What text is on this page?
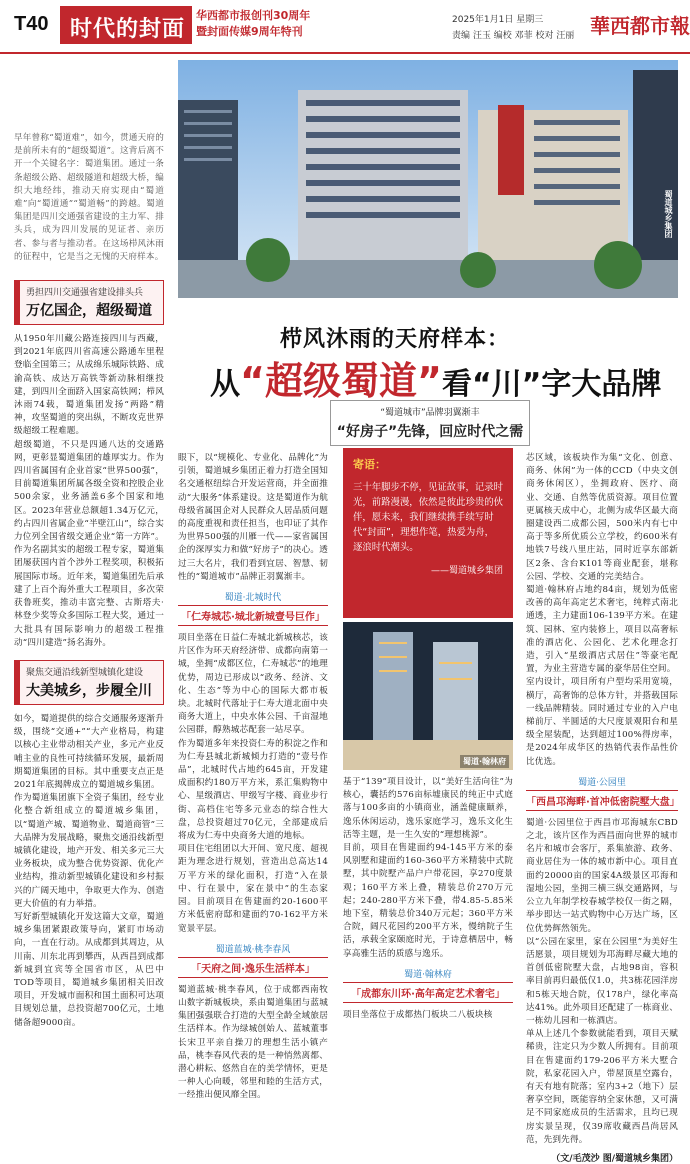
T40 时代的封面
华西都市报创刊30周年
暨封面传媒9周年特刊
2025年1月1日 星期三
责编 汪玉 编校 邓菲 校对 汪丽 華西都市報
蜀道城乡集团

早年曾称“蜀道难”，如今，贯通天府的是前所未有的“超级蜀道”。这背后离不开一个关键名字：蜀道集团。通过一条条超级公路、超级隧道和超级大桥，编织大地经纬，推动天府实现由“蜀道难”向“蜀道通”“蜀道畅”的跨越。蜀道集团是四川交通强省建设的主力军、排头兵，成为四川发展的见证者、亲历者、参与者与推动者。在这场栉风沐雨的征程中，它是当之无愧的天府样本。

勇担四川交通强省建设排头兵
万亿国企，超级蜀道

从1950年川藏公路连接四川与西藏，到2021年底四川省高速公路通车里程登临全国第三；从成绵乐城际铁路、成渝高铁、成达万高铁等新动脉相继投建，到四川全面跻入国家高铁网；栉风沐雨74载，蜀道集团发扬“两路”精神，攻坚蜀道的突出纵，不断攻克世界级超级工程难题。

超级蜀道，不只是四通八达的交通路网，更彰显蜀道集团的雄厚实力。作为四川省属国有企业首家“世界500强”，目前蜀道集团所属各级全资和控股企业500余家，业务涵盖6多个国家和地区。2023年营业总额超1.34万亿元，约占四川省属企业“半壁江山”，综合实力位列全国省级交通企业“第一方阵”。

作为名副其实的超级工程专家，蜀道集团屡获国内首个涉外工程奖项，积极拓展国际市场。近年来，蜀道集团先后承建了上百个海外重大工程项目，多次荣获鲁班奖，推动丰富完整、古斯塔夫·林登少奖等众多国际工程大奖，通过一大批具有国际影响力的超级工程推动“四川建造”扬名海外。

聚焦交通沿线新型城镇化建设
大美城乡，步履全川

如今，蜀道提供的综合交通服务逐渐升级，围绕“交通+”“大产业格局，构建以核心主业带动相关产业，多元产业反哺主业的良性可持续循环发展，最新周期蜀道集团的目标。其中重要支点正是2021年底揭牌成立的蜀道城乡集团。

作为蜀道集团旗下全资子集团，经专业化整合新组成立的蜀道城乡集团，以“蜀道产城、蜀道物业、蜀道商管”三大品牌为发展战略，聚焦交通沿线新型城镇化建设，地产开发、相关多元三大业务板块，成为整合优势资源、优化产业结构，推动新型城镇化建设和乡村振兴的广阔天地中，争取更大作为、创造更大价值的有力举措。

写好新型城镇化开发这篇大文章，蜀道城乡集团紧跟政策导向，紧盯市场动向，一直在行动。从成都到其周边，从川南、川东北再到攀西，从西昌到成都新城到宜宾等全国省市区，从巴中TOD等项目，蜀道城乡集团相关旧改项目，开发城市面积和国土面积可达项目规划总量，总投资超700亿元，土地储备超9000亩。

栉风沐雨的天府样本：
从“超级蜀道”看“川”字大品牌
“蜀道城市”品牌羽翼渐丰
“好房子”先锋，回应时代之需

眼下，以“规模化、专业化、品牌化”为引领，蜀道城乡集团正着力打造全国知名交通枢纽综合开发运营商，并全面推动“大服务”体系建设。这是蜀道作为航母级省属国企对人民群众人居品质问题的高度重视和责任担当，也印证了其作为世界500强的川雁一代——家省属国企的深厚实力和做“好房子”的决心。透过三大名片，我们看到宜居、智慧、韧性的“蜀道城市”品牌正羽翼渐丰。

蜀道·北城时代
「仁寿城芯·城北新城壹号巨作」

项目坐落在日益仁寿城北新城核芯，该片区作为环天府经济带、成都向南第一城，坐拥“成都区位，仁寿城芯”的地理优势，周边已形成以“政务、经济、文化、生态”等为中心的国际大都市板块。北城时代落址于仁寿大道北面中央商务大道上，中央水体公园、千亩湿地公园群，醇熟城芯配套一站尽享。

作为蜀道多年来投资仁寿的积淀之作和为仁寿县城北新城倾力打造的“壹号作品”，北城时代占地约645亩，开发建成面积约180万平方米，系汇集购物中心、星级酒店、甲级写字楼、商业步行街、高档住宅等多元业态的综合性大盘，总投资超过70亿元，全部建成后将成为仁寿中央商务大道的地标。

项目住宅组团以大开间、宽尺度、超视距为理念进行规划，营造出总高达14万平方米的绿化面积，打造“入在景中、行在景中，家在景中”的生态家园。目前项目在售建面约20-1600平方米低密府邸和建面约70-162平方米宽景平层。

蜀道蓝城·桃李春风
「天府之间·逸乐生活样本」

蜀道蓝城·桃李春风，位于成都西南牧山数字新城板块，系由蜀道集团与蓝城集团强强联合打造的大型全龄全域旅居生活样本。作为绿城创始人、蓝城董事长宋卫平亲自操刀的理想生活小镇产品，桃李春风代表的是一种悄然离都、潜心耕耘、悠然自在的美学情怀，更是一种人心向暖，邻里和睦的生活方式，一经推出便风靡全国。

寄语：
三十年脚步不停，见证故事，记录时光，前路漫漫，依然是彼此珍贵的伙伴，愿未来，我们继续携手续写时代“封面”，理想作笔，热爱为舟，逐浪时代潮头。
——蜀道城乡集团
蜀道·翰林府

基于“139”项目设计，以“美好生活向往”为核心，囊括约576亩标墟康民的纯正中式庭落与100多亩的小镇商业，涵盖健康颐养，逸乐休闲运动，逸乐家庭学习，逸乐文化生活等主题，是一生久安的“理想桃源”。

目前，项目在售建面约94-145平方米的泰风别墅和建面约160-360平方米精装中式院墅，其中院墅产品户户带花园，享270度景观；160平方米上叠，精装总价270万元起；240-280平方米下叠，带4.85-5.85米地下室，精装总价340万元起；360平方米合院，阔尺花园约200平方米，慢纳院子生活，承载全家颐庭时光，于诗意栖居中，畅享高雅生活的质感与逸乐。

蜀道·翰林府
「成都东川环·高年高定艺术奢宅」

项目坐落位于成都热门板块二八板块核

芯区域，该板块作为集“文化、创意、商务、休闲”为一体的CCD（中央文创商务休闲区），坐拥政府、医疗、商业、交通、自然等优质资源。项目位置更属核天成中心，北侧为成华区最大商圈建设西二成都公园，500米内有七中高于等多所优质公立学校，约600米有地铁7号线八里庄站，同时近享东部新区2条、含台K101等商业配套，堪称公园、学校、交通的完美结合。

蜀道·翰林府占地约84亩，规划为低密改善的高年高定艺术奢宅，纯粹式南北通透，主力建面106-139平方米。在建筑、园林、室内装修上，项目以高奢标准的酒店化、公园化、艺术化理念打造，引入“星级酒店式居住”等豪宅配置，为业主营造专属的豪华居住空间。

室内设计，项目所有户型均采用宽境，横厅，高奢饰的总体方针，并搭载国际一线品牌精装。同时通过专业的入户电梯前厅、半圆适的大尺度景观阳台和星级全屋装配，达到超过100%得房率，是2024年成华区的热销代表作品性价比优选。

蜀道·公园里
「西昌邛海畔·首冲低密院墅大盘」

蜀道·公园里位于西昌市邛海城东CBD之北，该片区作为西昌面向世界的城市名片和城市会客厅，系集旅游、政务、商业居住为一体的城市新中心。项目直面约20000亩的国家4A级景区邛海和湿地公园，坐拥三横三纵交通路网，与公立九年制学校春城学校仅一街之隔，举步即达一站式购物中心万达广场，区位优势辉然领先。

以“公园在家里，家在公园里”为美好生活愿景，项目规划为邛海畔尽藏大地的首创低密院墅大盘，占地98亩，容积率目前再归最低仅1.0，共3栋花园洋房和5栋天地合院，仅178户，绿化率高达41%。此外项目还配建了一栋商业、一栋幼儿园和一栋酒店。

单从上述几个参数就能看到，项目天赋稀贵，注定只为少数人所拥有。目前项目在售建面约179-206平方米大墅合院，私家花园入户，带屋顶星空露台，有天有地有院落；室内3+2（地下）层奢享空间，既能容纳全家休憩，又可满足不同家庭成员的生活需求，且均已现房实景呈现，仅39席收藏西昌尚居风范，先到先得。

（文/毛茂沙 图/蜀道城乡集团）
